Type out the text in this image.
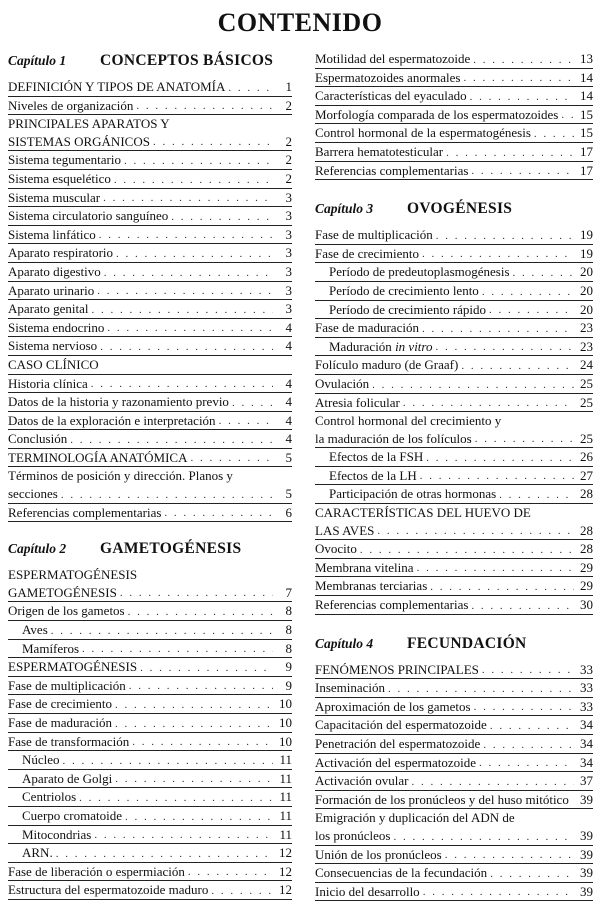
CONTENIDO
Capítulo 1	CONCEPTOS BÁSICOS
DEFINICIÓN Y TIPOS DE ANATOMÍA . . .	1
Niveles de organización . . .	2
PRINCIPALES APARATOS Y
SISTEMAS ORGÁNICOS . . .	2
Sistema tegumentario . . .	2
Sistema esquelético . . .	2
Sistema muscular . . .	3
Sistema circulatorio sanguíneo . . .	3
Sistema linfático . . .	3
Aparato respiratorio . . .	3
Aparato digestivo . . .	3
Aparato urinario . . .	3
Aparato genital . . .	3
Sistema endocrino . . .	4
Sistema nervioso . . .	4
CASO CLÍNICO
Historia clínica . . .	4
Datos de la historia y razonamiento previo . . .	4
Datos de la exploración e interpretación . . .	4
Conclusión . . .	4
TERMINOLOGÍA ANATÓMICA . . .	5
Términos de posición y dirección. Planos y
secciones . . .	5
Referencias complementarias . . .	6
Capítulo 2	GAMETOGÉNESIS
ESPERMATOGÉNESIS
GAMETOGÉNESIS . . .	7
Origen de los gametos . . .	8
Aves . . .	8
Mamíferos . . .	8
ESPERMATOGÉNESIS . . .	9
Fase de multiplicación . . .	9
Fase de crecimiento . . .	10
Fase de maduración . . .	10
Fase de transformación . . .	10
Núcleo . . .	11
Aparato de Golgi . . .	11
Centriolos . . .	11
Cuerpo cromatoide . . .	11
Mitocondrias . . .	11
ARN. . . .	12
Fase de liberación o espermiación . . .	12
Estructura del espermatozoide maduro . . .	12
Motilidad del espermatozoide . . .	13
Espermatozoides anormales . . .	14
Características del eyaculado . . .	14
Morfología comparada de los espermatozoides . . . 15
Control hormonal de la espermatogénesis . . .	15
Barrera hematotesticular . . .	17
Referencias complementarias . . .	17
Capítulo 3	OVOGÉNESIS
Fase de multiplicación . . .	19
Fase de crecimiento . . .	19
Período de predeutoplasmogénesis . . .	20
Período de crecimiento lento . . .	20
Período de crecimiento rápido . . .	20
Fase de maduración . . .	23
Maduración in vitro . . .	23
Folículo maduro (de Graaf) . . .	24
Ovulación . . .	25
Atresia folicular . . .	25
Control hormonal del crecimiento y
la maduración de los folículos . . .	25
Efectos de la FSH . . .	26
Efectos de la LH . . .	27
Participación de otras hormonas . . .	28
CARACTERÍSTICAS DEL HUEVO DE
LAS AVES . . .	28
Ovocito . . .	28
Membrana vitelina . . .	29
Membranas terciarias . . .	29
Referencias complementarias . . .	30
Capítulo 4	FECUNDACIÓN
FENÓMENOS PRINCIPALES . . .	33
Inseminación . . .	33
Aproximación de los gametos . . .	33
Capacitación del espermatozoide . . .	34
Penetración del espermatozoide . . .	34
Activación del espermatozoide . . .	34
Activación ovular . . .	37
Formación de los pronúcleos y del huso mitótico 39
Emigración y duplicación del ADN de
los pronúcleos . . .	39
Unión de los pronúcleos . . .	39
Consecuencias de la fecundación . . .	39
Inicio del desarrollo . . .	39
